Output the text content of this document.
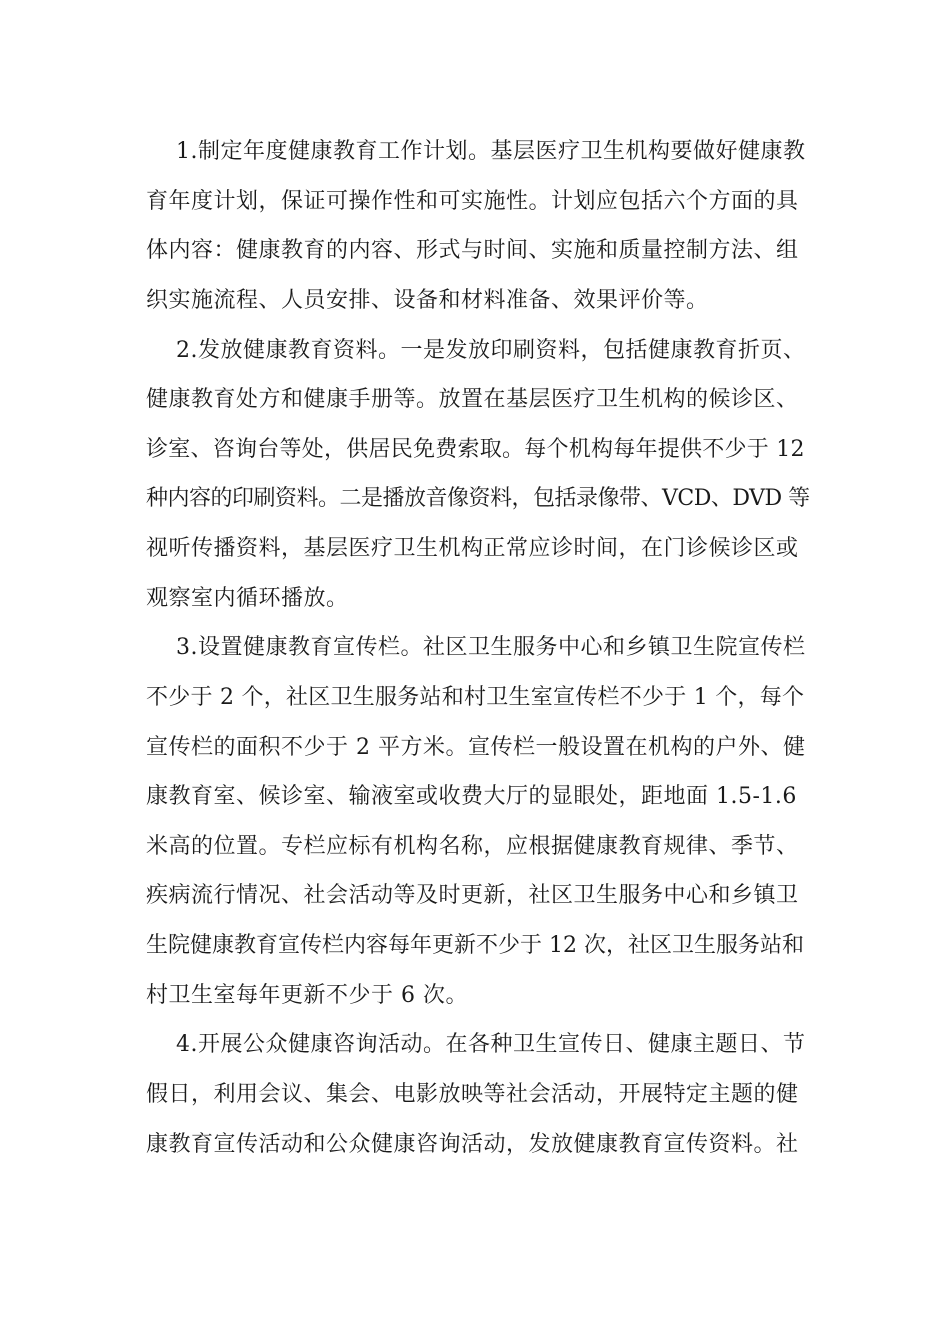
1.制定年度健康教育工作计划。基层医疗卫生机构要做好健康教
育年度计划，保证可操作性和可实施性。计划应包括六个方面的具
体内容：健康教育的内容、形式与时间、实施和质量控制方法、组
织实施流程、人员安排、设备和材料准备、效果评价等。
2.发放健康教育资料。一是发放印刷资料，包括健康教育折页、
健康教育处方和健康手册等。放置在基层医疗卫生机构的候诊区、
诊室、咨询台等处，供居民免费索取。每个机构每年提供不少于 12
种内容的印刷资料。二是播放音像资料，包括录像带、VCD、DVD 等
视听传播资料，基层医疗卫生机构正常应诊时间，在门诊候诊区或
观察室内循环播放。
3.设置健康教育宣传栏。社区卫生服务中心和乡镇卫生院宣传栏
不少于 2 个，社区卫生服务站和村卫生室宣传栏不少于 1 个，每个
宣传栏的面积不少于 2 平方米。宣传栏一般设置在机构的户外、健
康教育室、候诊室、输液室或收费大厅的显眼处，距地面 1.5-1.6
米高的位置。专栏应标有机构名称，应根据健康教育规律、季节、
疾病流行情况、社会活动等及时更新，社区卫生服务中心和乡镇卫
生院健康教育宣传栏内容每年更新不少于 12 次，社区卫生服务站和
村卫生室每年更新不少于 6 次。
4.开展公众健康咨询活动。在各种卫生宣传日、健康主题日、节
假日，利用会议、集会、电影放映等社会活动，开展特定主题的健
康教育宣传活动和公众健康咨询活动，发放健康教育宣传资料。社
